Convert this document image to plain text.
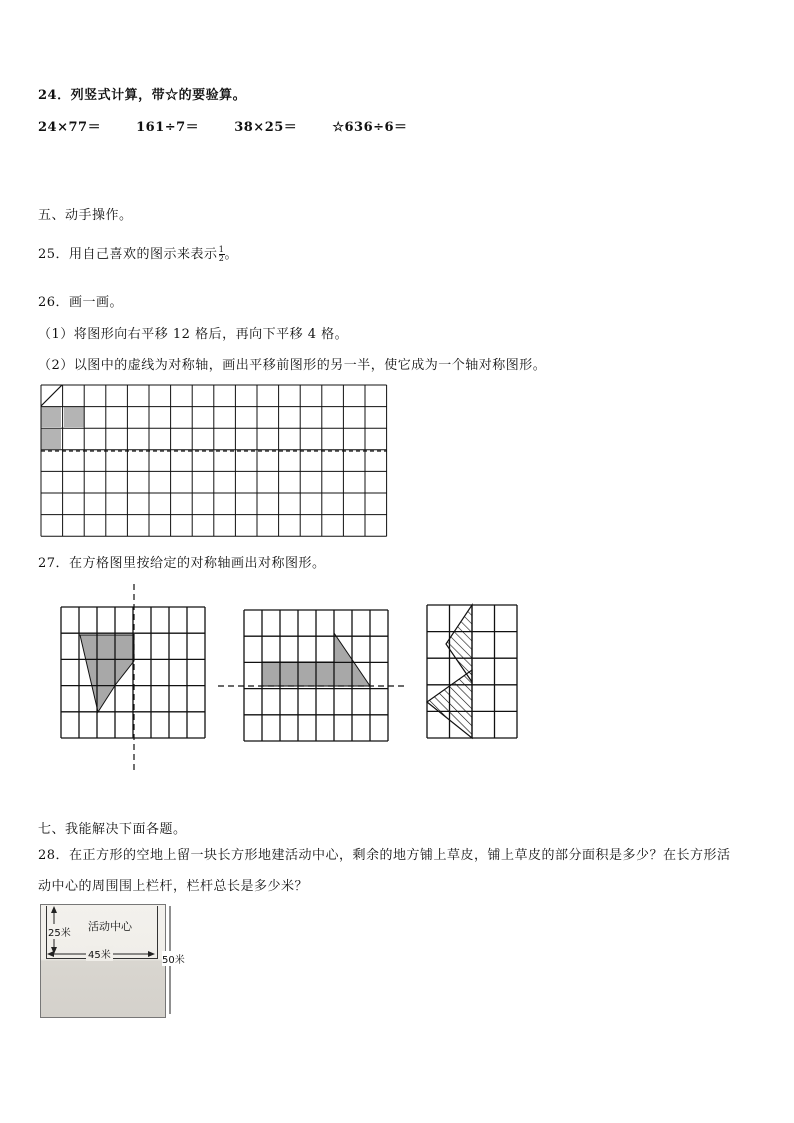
24．列竖式计算，带☆的要验算。
24×77＝	161÷7＝	38×25＝	☆636÷6＝
五、动手操作。
25．用自己喜欢的图示来表示 $\frac{1}{2}$ 。
26．画一画。
（1）将图形向右平移 12 格后，再向下平移 4 格。
（2）以图中的虚线为对称轴，画出平移前图形的另一半，使它成为一个轴对称图形。
27．在方格图里按给定的对称轴画出对称图形。
七、我能解决下面各题。
28．在正方形的空地上留一块长方形地建活动中心，剩余的地方铺上草皮，铺上草皮的部分面积是多少？在长方形活
动中心的周围围上栏杆，栏杆总长是多少米？
活动中心
25米
45米	50米
